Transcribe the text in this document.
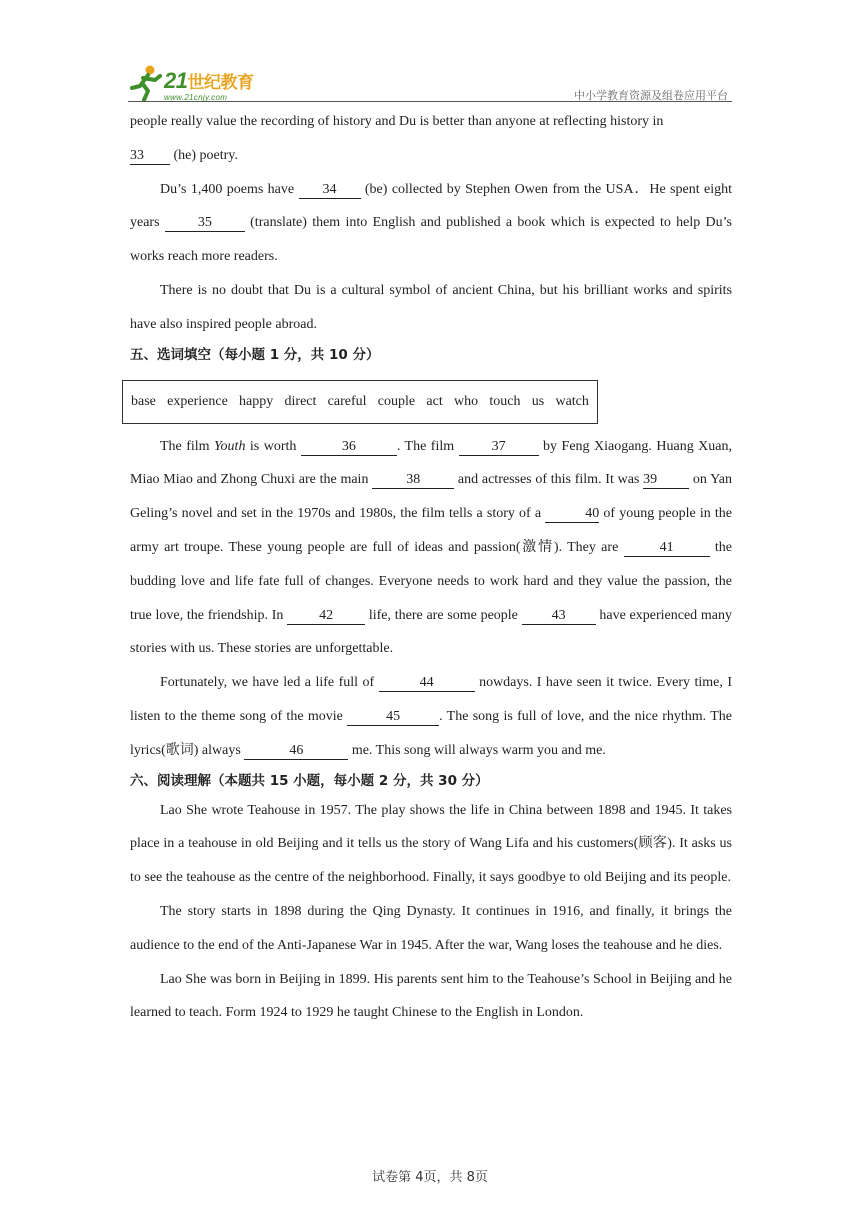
21世纪教育
www.21cnjy.com	中小学教育资源及组卷应用平台

people really value the recording of history and Du is better than anyone at reflecting history in
33 (he) poetry.

Du’s 1,400 poems have 34 (be) collected by Stephen Owen from the USA．He spent eight years 35 (translate) them into English and published a book which is expected to help Du’s works reach more readers.

There is no doubt that Du is a cultural symbol of ancient China, but his brilliant works and spirits have also inspired people abroad.

五、选词填空（每小题 1 分，共 10 分）

base experience happy direct careful couple act who touch us watch

The film Youth is worth	36	. The film 37 by Feng Xiaogang. Huang Xuan, Miao Miao and Zhong Chuxi are the main 38 and actresses of this film. It was 39 on Yan Geling’s novel and set in the 1970s and 1980s, the film tells a story of a	40 of young people in the army art troupe. These young people are full of ideas and passion(激情). They are	41	the budding love and life fate full of changes. Everyone needs to work hard and they value the passion, the true love, the friendship. In 42 life, there are some people 43 have experienced many stories with us. These stories are unforgettable.

Fortunately, we have led a life full of	44	nowdays. I have seen it twice. Every time, I listen to the theme song of the movie	45	. The song is full of love, and the nice rhythm. The lyrics(歌词) always	46	me. This song will always warm you and me.

六、阅读理解（本题共 15 小题，每小题 2 分，共 30 分）

Lao She wrote Teahouse in 1957. The play shows the life in China between 1898 and 1945. It takes place in a teahouse in old Beijing and it tells us the story of Wang Lifa and his customers(顾客). It asks us to see the teahouse as the centre of the neighborhood. Finally, it says goodbye to old Beijing and its people.

The story starts in 1898 during the Qing Dynasty. It continues in 1916, and finally, it brings the audience to the end of the Anti-Japanese War in 1945. After the war, Wang loses the teahouse and he dies.

Lao She was born in Beijing in 1899. His parents sent him to the Teahouse’s School in Beijing and he learned to teach. Form 1924 to 1929 he taught Chinese to the English in London.

试卷第 4页，共 8页
